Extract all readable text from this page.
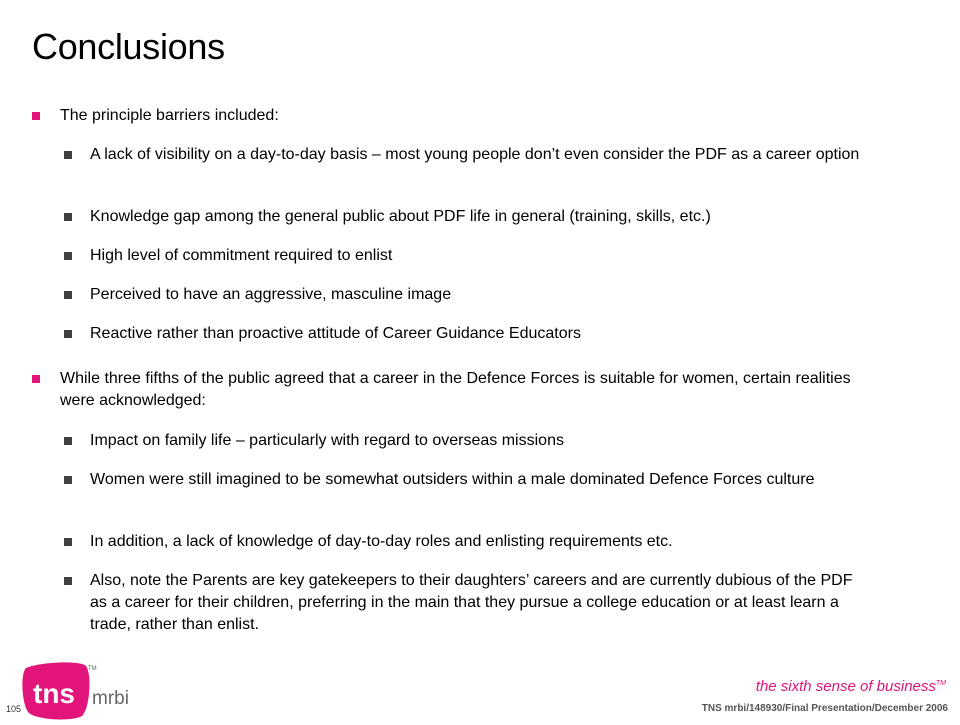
Conclusions
The principle barriers included:
A lack of visibility on a day-to-day basis – most young people don’t even consider the PDF as a career option
Knowledge gap among the general public about PDF life in general (training, skills, etc.)
High level of commitment required to enlist
Perceived to have an aggressive, masculine image
Reactive rather than proactive attitude of Career Guidance Educators
While three fifths of the public agreed that a career in the Defence Forces is suitable for women, certain realities were acknowledged:
Impact on family life – particularly with regard to overseas missions
Women were still imagined to be somewhat outsiders within a male dominated Defence Forces culture
In addition, a lack of knowledge of day-to-day roles and enlisting requirements etc.
Also, note the Parents are key gatekeepers to their daughters’ careers and are currently dubious of the PDF as a career for their children, preferring in the main that they pursue a college education or at least learn a trade, rather than enlist.
tns mrbi
TM
105
the sixth sense of business™
TNS mrbi/148930/Final Presentation/December 2006
